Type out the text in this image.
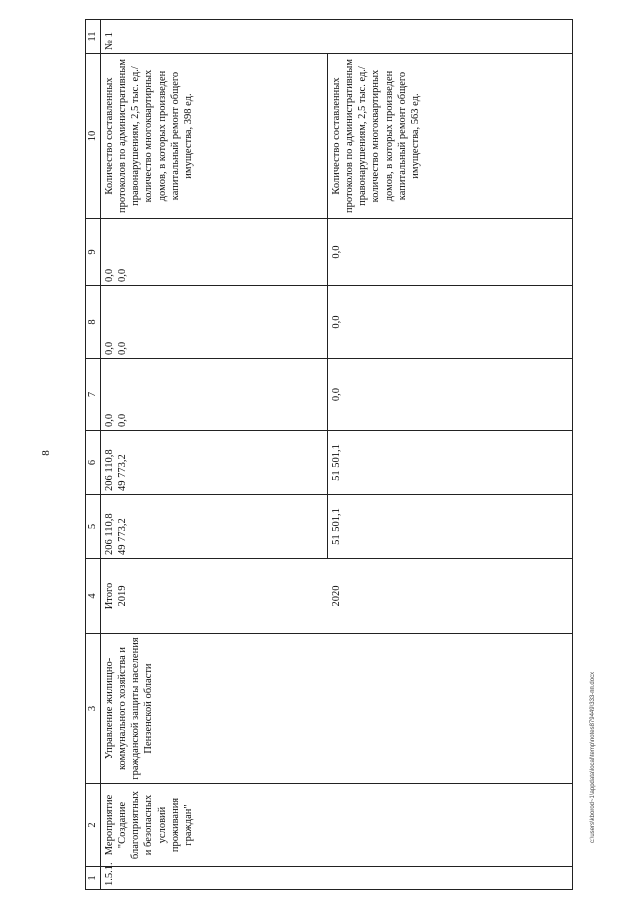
8
1	2	3	4	5	6	7	8	9	10	11
1.5.1.	Мероприятие "Создание благоприятных и безопасных условий проживания граждан"	Управление жилищно-коммунального хозяйства и гражданской защиты населения Пензенской области	Итого 2019	206 110,8 49 773,2	206 110,8 49 773,2	0,0 0,0	0,0 0,0	0,0 0,0	Количество составленных протоколов по административным правонарушениям, 2,5 тыс. ед./ количество многоквартирных домов, в которых произведен капитальный ремонт общего имущества, 398 ед.	№ 1
			2020	51 501,1	51 501,1	0,0	0,0	0,0	Количество составленных протоколов по административным правонарушениям, 2,5 тыс. ед./ количество многоквартирных домов, в которых произведен капитальный ремонт общего имущества, 563 ед.	
c:\users\kborod~1\appdata\local\temp\notes879449\333-пп.docx
